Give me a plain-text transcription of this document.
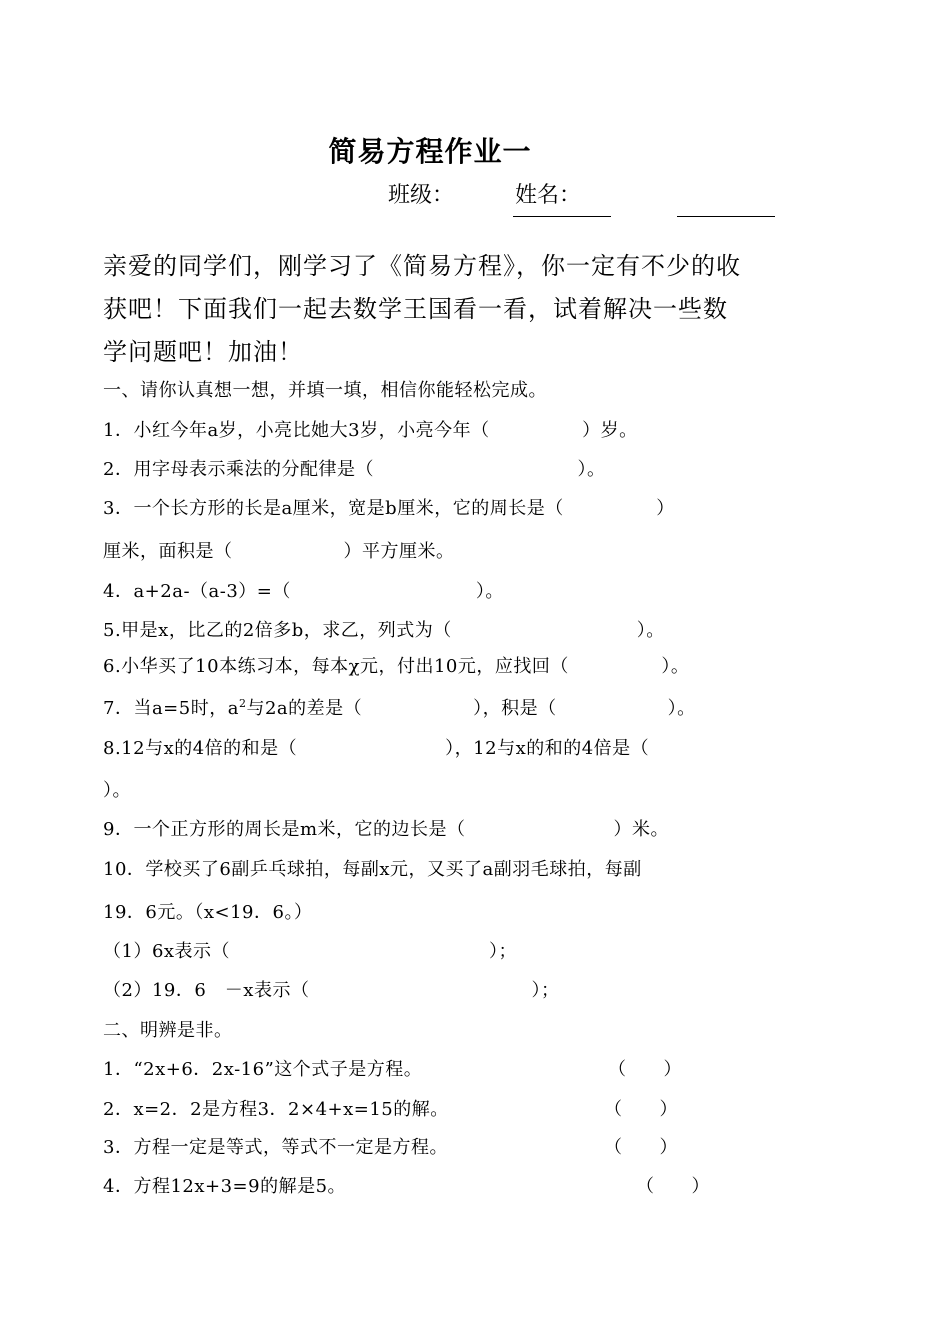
简易方程作业一
班级：	姓名：
亲爱的同学们，刚学习了《简易方程》，你一定有不少的收
获吧！下面我们一起去数学王国看一看，试着解决一些数
学问题吧！加油！
一、请你认真想一想，并填一填，相信你能轻松完成。
1．小红今年a岁，小亮比她大3岁，小亮今年（　　　　　）岁。
2．用字母表示乘法的分配律是（　　　　　　　　　　　）。
3．一个长方形的长是a厘米，宽是b厘米，它的周长是（　　　　　）
厘米，面积是（　　　　　　）平方厘米。
4．a+2a-（a-3）=（　　　　　　　　　　）。
5.甲是x，比乙的2倍多b，求乙，列式为（　　　　　　　　　　）。
6.小华买了10本练习本，每本χ元，付出10元，应找回（　　　　　）。
7．当a=5时，$a^2$与2a的差是（　　　　　　），积是（　　　　　　）。
8.12与x的4倍的和是（　　　　　　　　），12与x的和的4倍是（
）。
9．一个正方形的周长是m米，它的边长是（　　　　　　　　）米。
10．学校买了6副乒乓球拍，每副x元，又买了a副羽毛球拍，每副
19．6元。（x<19．6。）
（1）6x表示（　　　　　　　　　　　　　　）；
（2）19．6　－x表示（　　　　　　　　　　　　）；
二、明辨是非。
1．“2x+6．2x-16”这个式子是方程。	（　　）
2．x=2．2是方程3．2×4+x=15的解。	（　　）
3．方程一定是等式，等式不一定是方程。	（　　）
4．方程12x+3=9的解是5。	（　　）
